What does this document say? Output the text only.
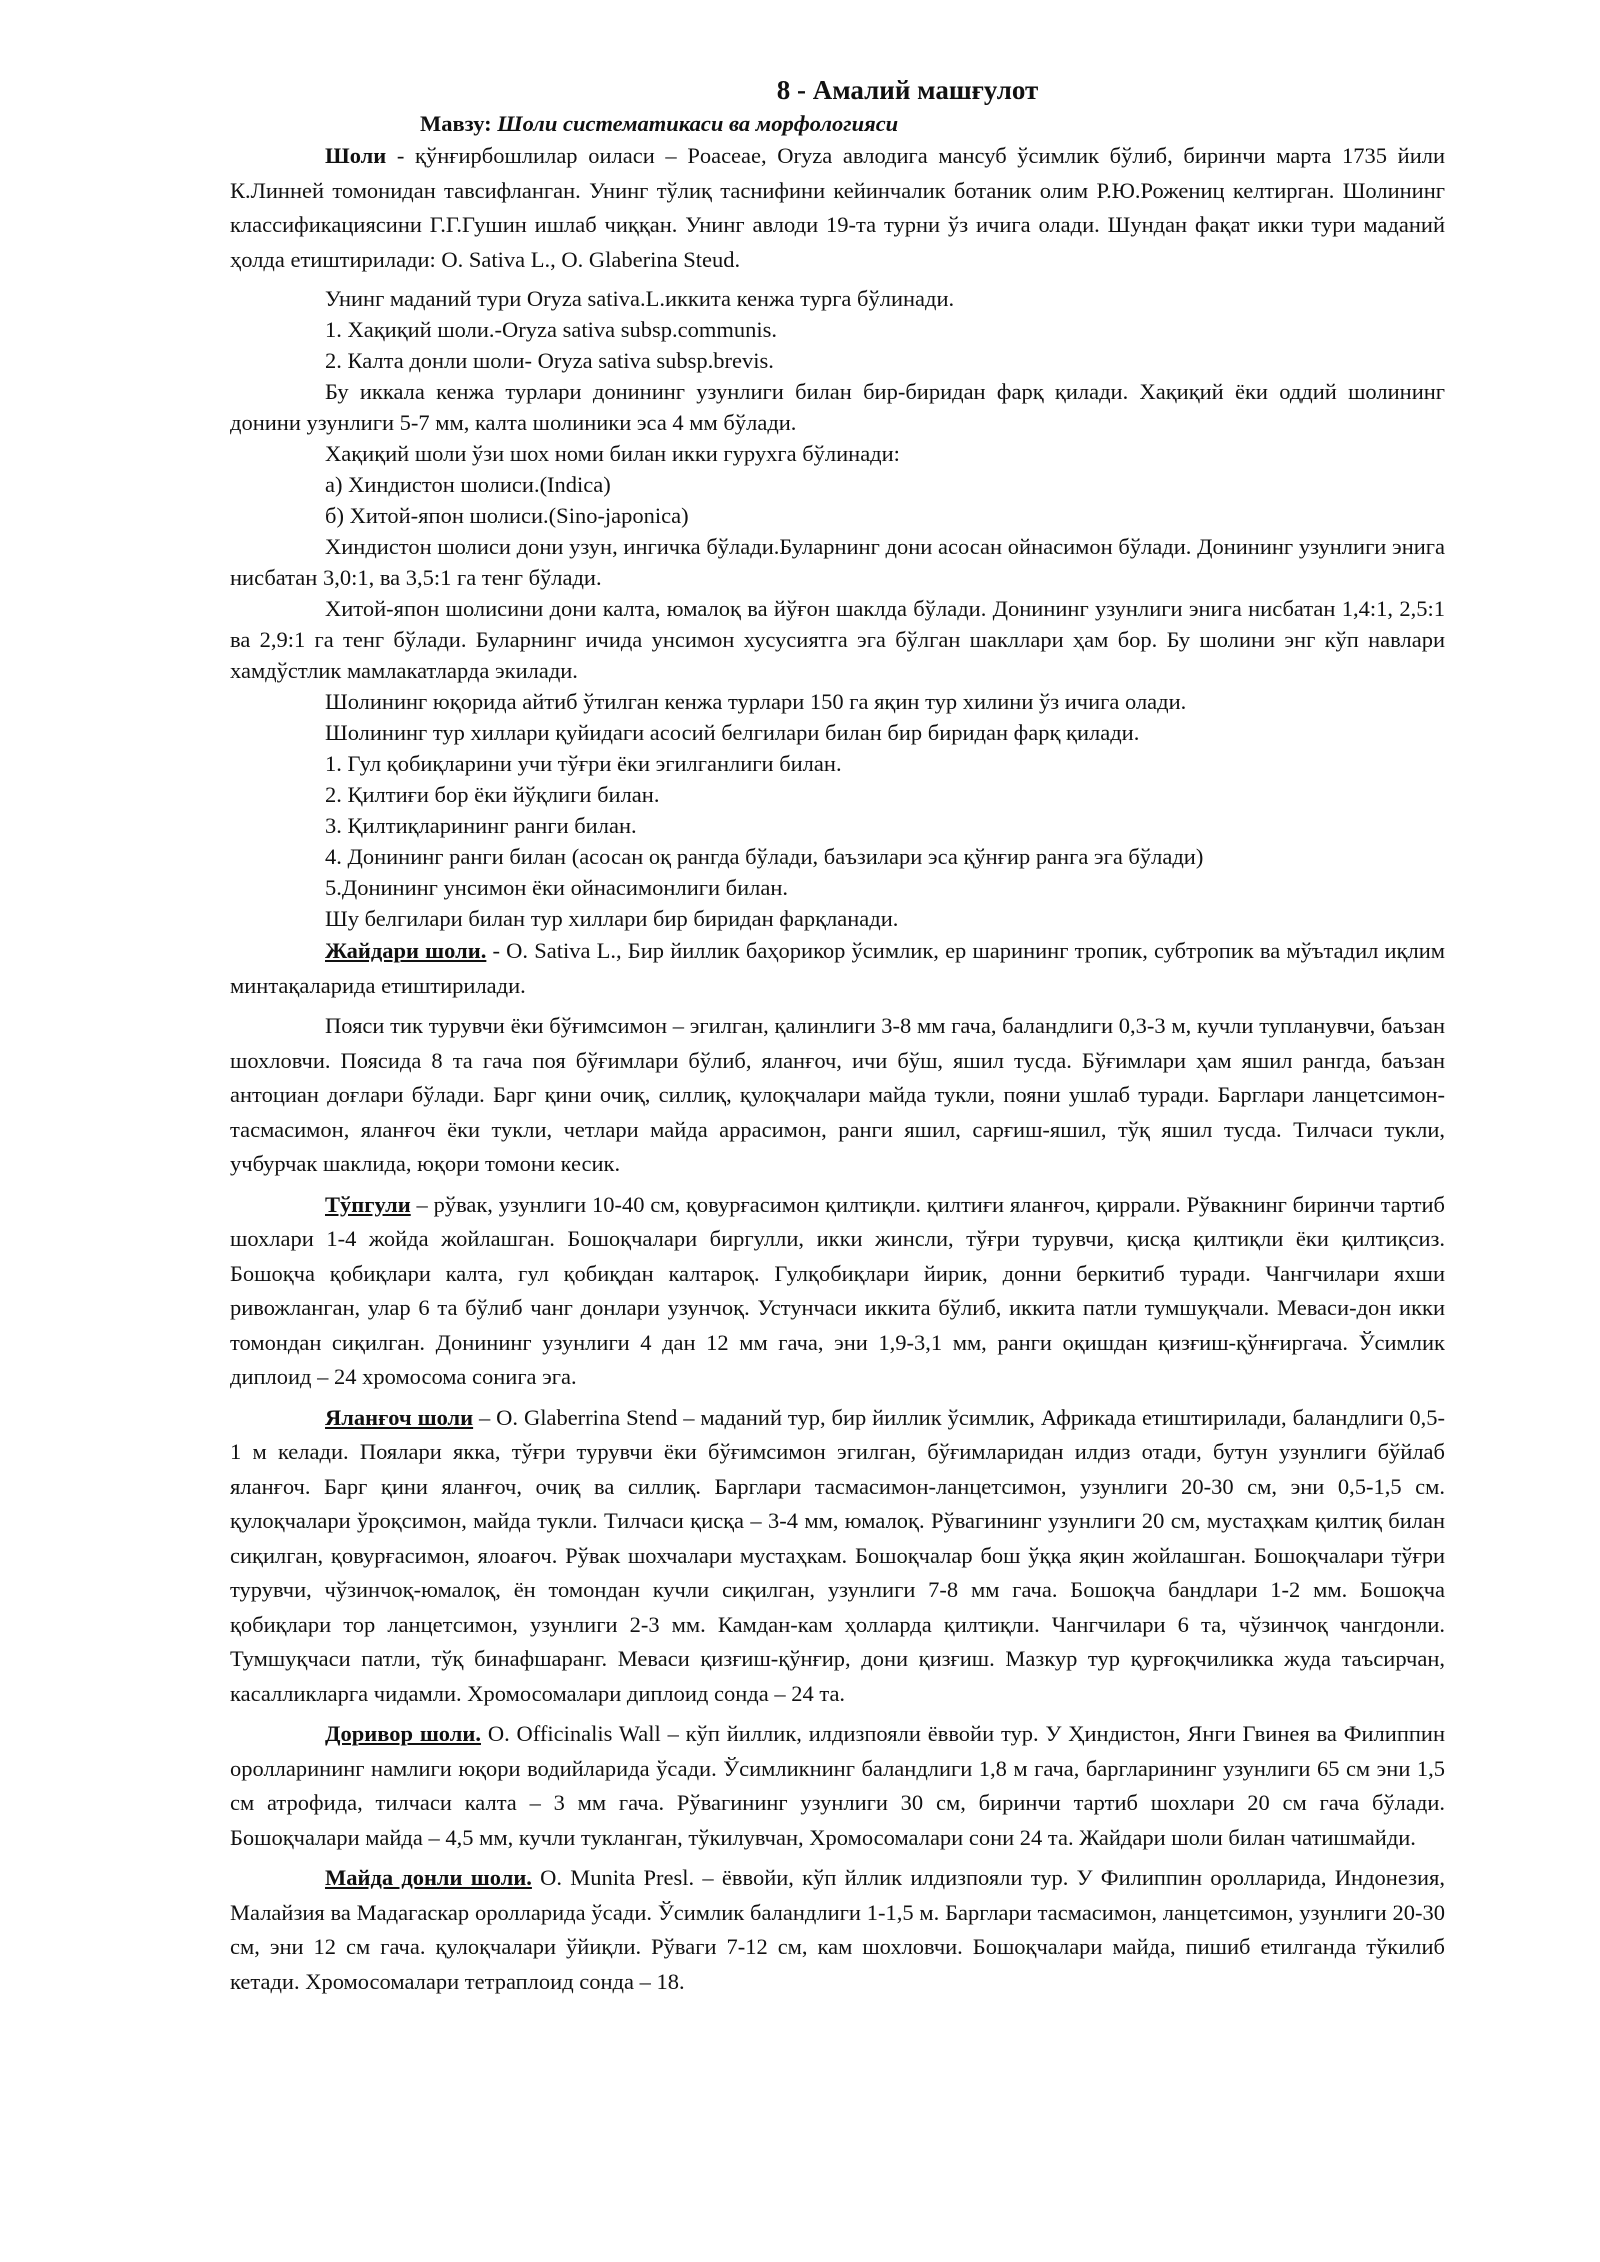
8 - Амалий машғулот
Мавзу: Шоли систематикаси ва морфологияси

Шоли - қўнғирбошлилар оиласи – Poaceae, Oryza авлодига мансуб ўсимлик бўлиб, биринчи марта 1735 йили К.Линней томонидан тавсифланган. Унинг тўлиқ таснифини кейинчалик ботаник олим Р.Ю.Рожениц келтирган. Шолининг классификациясини Г.Г.Гушин ишлаб чиққан. Унинг авлоди 19-та турни ўз ичига олади. Шундан фақат икки тури маданий ҳолда етиштирилади: O. Sativa L., O. Glaberina Steud.

Унинг маданий тури Oryza sativa.L.иккита кенжа турга бўлинади.

1. Хақиқий шоли.-Oryza sativa subsp.communis.

2. Калта донли шоли- Oryza sativa subsp.brevis.

Бу иккала кенжа турлари донининг узунлиги билан бир-биридан фарқ қилади. Хақиқий ёки оддий шолининг донини узунлиги 5-7 мм, калта шолиники эса 4 мм бўлади.

Хақиқий шоли ўзи шох номи билан икки гурухга бўлинади:

а) Хиндистон шолиси.(Indica)

б) Хитой-япон шолиси.(Sino-japonica)

Хиндистон шолиси дони узун, ингичка бўлади.Буларнинг дони асосан ойнасимон бўлади. Донининг узунлиги энига нисбатан 3,0:1, ва 3,5:1 га тенг бўлади.

Хитой-япон шолисини дони калта, юмалоқ ва йўғон шаклда бўлади. Донининг узунлиги энига нисбатан 1,4:1, 2,5:1 ва 2,9:1 га тенг бўлади. Буларнинг ичида унсимон хусусиятга эга бўлган шакллари ҳам бор. Бу шолини энг кўп навлари хамдўстлик мамлакатларда экилади.

Шолининг юқорида айтиб ўтилган кенжа турлари 150 га яқин тур хилини ўз ичига олади.

Шолининг тур хиллари қуйидаги асосий белгилари билан бир биридан фарқ қилади.

1. Гул қобиқларини учи тўғри ёки эгилганлиги билан.

2. Қилтиғи бор ёки йўқлиги билан.

3. Қилтиқларининг ранги билан.

4. Донининг ранги билан (асосан оқ рангда бўлади, баъзилари эса қўнғир ранга эга бўлади)

5.Донининг унсимон ёки ойнасимонлиги билан.

Шу белгилари билан тур хиллари бир биридан фарқланади.

Жайдари шоли. - O. Sativa L., Бир йиллик баҳорикор ўсимлик, ер шарининг тропик, субтропик ва мўътадил иқлим минтақаларида етиштирилади.

Пояси тик турувчи ёки бўғимсимон – эгилган, қалинлиги 3-8 мм гача, баландлиги 0,3-3 м, кучли тупланувчи, баъзан шохловчи. Поясида 8 та гача поя бўғимлари бўлиб, яланғоч, ичи бўш, яшил тусда. Бўғимлари ҳам яшил рангда, баъзан антоциан доғлари бўлади. Барг қини очиқ, силлиқ, қулоқчалари майда тукли, пояни ушлаб туради. Барглари ланцетсимон-тасмасимон, яланғоч ёки тукли, четлари майда аррасимон, ранги яшил, сарғиш-яшил, тўқ яшил тусда. Тилчаси тукли, учбурчак шаклида, юқори томони кесик.

Тўпгули – рўвак, узунлиги 10-40 см, қовурғасимон қилтиқли. қилтиғи яланғоч, қиррали. Рўвакнинг биринчи тартиб шохлари 1-4 жойда жойлашган. Бошоқчалари биргулли, икки жинсли, тўғри турувчи, қисқа қилтиқли ёки қилтиқсиз. Бошоқча қобиқлари калта, гул қобиқдан калтароқ. Гулқобиқлари йирик, донни беркитиб туради. Чангчилари яхши ривожланган, улар 6 та бўлиб чанг донлари узунчоқ. Устунчаси иккита бўлиб, иккита патли тумшуқчали. Меваси-дон икки томондан сиқилган. Донининг узунлиги 4 дан 12 мм гача, эни 1,9-3,1 мм, ранги оқишдан қизғиш-қўнғиргача. Ўсимлик диплоид – 24 хромосома сонига эга.

Яланғоч шоли – O. Glaberrina Stend – маданий тур, бир йиллик ўсимлик, Африкада етиштирилади, баландлиги 0,5-1 м келади. Поялари якка, тўғри турувчи ёки бўғимсимон эгилган, бўғимларидан илдиз отади, бутун узунлиги бўйлаб яланғоч. Барг қини яланғоч, очиқ ва силлиқ. Барглари тасмасимон-ланцетсимон, узунлиги 20-30 см, эни 0,5-1,5 см. қулоқчалари ўроқсимон, майда тукли. Тилчаси қисқа – 3-4 мм, юмалоқ. Рўвагининг узунлиги 20 см, мустаҳкам қилтиқ билан сиқилган, қовурғасимон, ялоағоч. Рўвак шохчалари мустаҳкам. Бошоқчалар бош ўққа яқин жойлашган. Бошоқчалари тўғри турувчи, чўзинчоқ-юмалоқ, ён томондан кучли сиқилган, узунлиги 7-8 мм гача. Бошоқча бандлари 1-2 мм. Бошоқча қобиқлари тор ланцетсимон, узунлиги 2-3 мм. Камдан-кам ҳолларда қилтиқли. Чангчилари 6 та, чўзинчоқ чангдонли. Тумшуқчаси патли, тўқ бинафшаранг. Меваси қизғиш-қўнғир, дони қизғиш. Мазкур тур қурғоқчиликка жуда таъсирчан, касалликларга чидамли. Хромосомалари диплоид сонда – 24 та.

Доривор шоли. O. Officinalis Wall – кўп йиллик, илдизпояли ёввойи тур. У Ҳиндистон, Янги Гвинея ва Филиппин оролларининг намлиги юқори водийларида ўсади. Ўсимликнинг баландлиги 1,8 м гача, баргларининг узунлиги 65 см эни 1,5 см атрофида, тилчаси калта – 3 мм гача. Рўвагининг узунлиги 30 см, биринчи тартиб шохлари 20 см гача бўлади. Бошоқчалари майда – 4,5 мм, кучли тукланган, тўкилувчан, Хромосомалари сони 24 та. Жайдари шоли билан чатишмайди.

Майда донли шоли. O. Munita Presl. – ёввойи, кўп йллик илдизпояли тур. У Филиппин оролларида, Индонезия, Малайзия ва Мадагаскар оролларида ўсади. Ўсимлик баландлиги 1-1,5 м. Барглари тасмасимон, ланцетсимон, узунлиги 20-30 см, эни 12 см гача. қулоқчалари ўйиқли. Рўваги 7-12 см, кам шохловчи. Бошоқчалари майда, пишиб етилганда тўкилиб кетади. Хромосомалари тетраплоид сонда – 18.
